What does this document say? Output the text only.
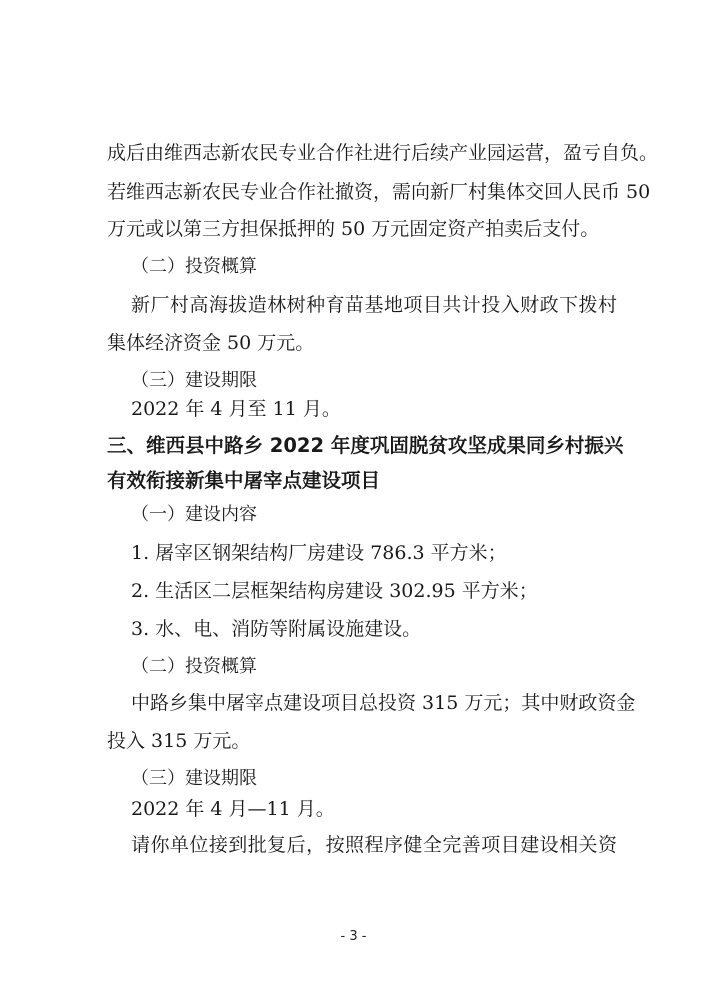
成后由维西志新农民专业合作社进行后续产业园运营，盈亏自负。
若维西志新农民专业合作社撤资，需向新厂村集体交回人民币 50
万元或以第三方担保抵押的 50 万元固定资产拍卖后支付。
（二）投资概算
新厂村高海拔造林树种育苗基地项目共计投入财政下拨村
集体经济资金 50 万元。
（三）建设期限
2022 年 4 月至 11 月。
三、维西县中路乡 2022 年度巩固脱贫攻坚成果同乡村振兴
有效衔接新集中屠宰点建设项目
（一）建设内容
1. 屠宰区钢架结构厂房建设 786.3 平方米；
2. 生活区二层框架结构房建设 302.95 平方米；
3. 水、电、消防等附属设施建设。
（二）投资概算
中路乡集中屠宰点建设项目总投资 315 万元；其中财政资金
投入 315 万元。
（三）建设期限
2022 年 4 月—11 月。
请你单位接到批复后，按照程序健全完善项目建设相关资
- 3 -
